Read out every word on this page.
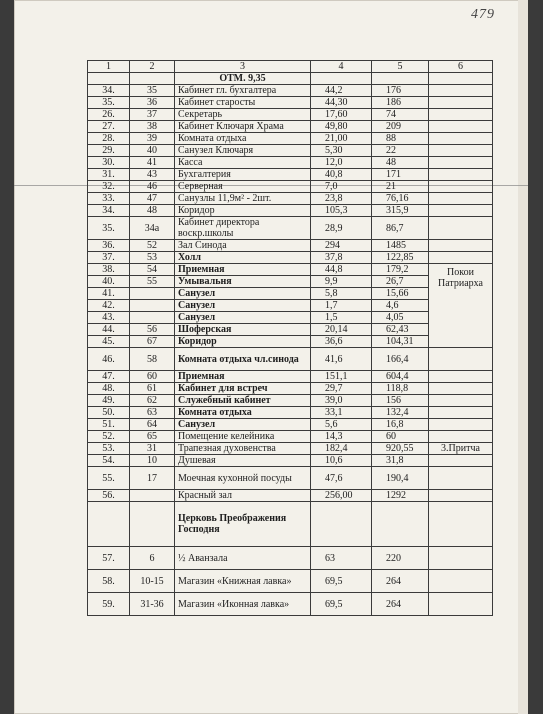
479
1	2	3	4	5	6
		ОТМ. 9,35			
34.	35	Кабинет гл. бухгалтера	44,2	176	
35.	36	Кабинет старосты	44,30	186	
26.	37	Секретарь	17,60	74	
27.	38	Кабинет Ключаря Храма	49,80	209	
28.	39	Комната отдыха	21,00	88	
29.	40	Санузел Ключаря	5,30	22	
30.	41	Касса	12,0	48	
31.	43	Бухгалтерия	40,8	171	
32.	46	Серверная	7,0	21	
33.	47	Санузлы 11,9м² - 2шт.	23,8	76,16	
34.	48	Коридор	105,3	315,9	
35.	34а	Кабинет директора воскр.школы	28,9	86,7	
36.	52	Зал Синода	294	1485	
37.	53	Холл	37,8	122,85	
38.	54	Приемная	44,8	179,2	Покои Патриарха
40.	55	Умывальня	9,9	26,7	
41.		Санузел	5,8	15,66	
42.		Санузел	1,7	4,6	
43.		Санузел	1,5	4,05	
44.	56	Шоферская	20,14	62,43	
45.	67	Коридор	36,6	104,31	
46.	58	Комната отдыха чл.синода	41,6	166,4	
47.	60	Приемная	151,1	604,4	
48.	61	Кабинет для встреч	29,7	118,8	
49.	62	Служебный кабинет	39,0	156	
50.	63	Комната отдыха	33,1	132,4	
51.	64	Санузел	5,6	16,8	
52.	65	Помещение келейника	14,3	60	
53.	31	Трапезная духовенства	182,4	920,55	3.Притча
54.	10	Душевая	10,6	31,8	
55.	17	Моечная кухонной посуды	47,6	190,4	
56.		Красный зал	256,00	1292	
		Церковь Преображения Господня			
57.	6	½ Аванзала	63	220	
58.	10-15	Магазин «Книжная лавка»	69,5	264	
59.	31-36	Магазин «Иконная лавка»	69,5	264	
